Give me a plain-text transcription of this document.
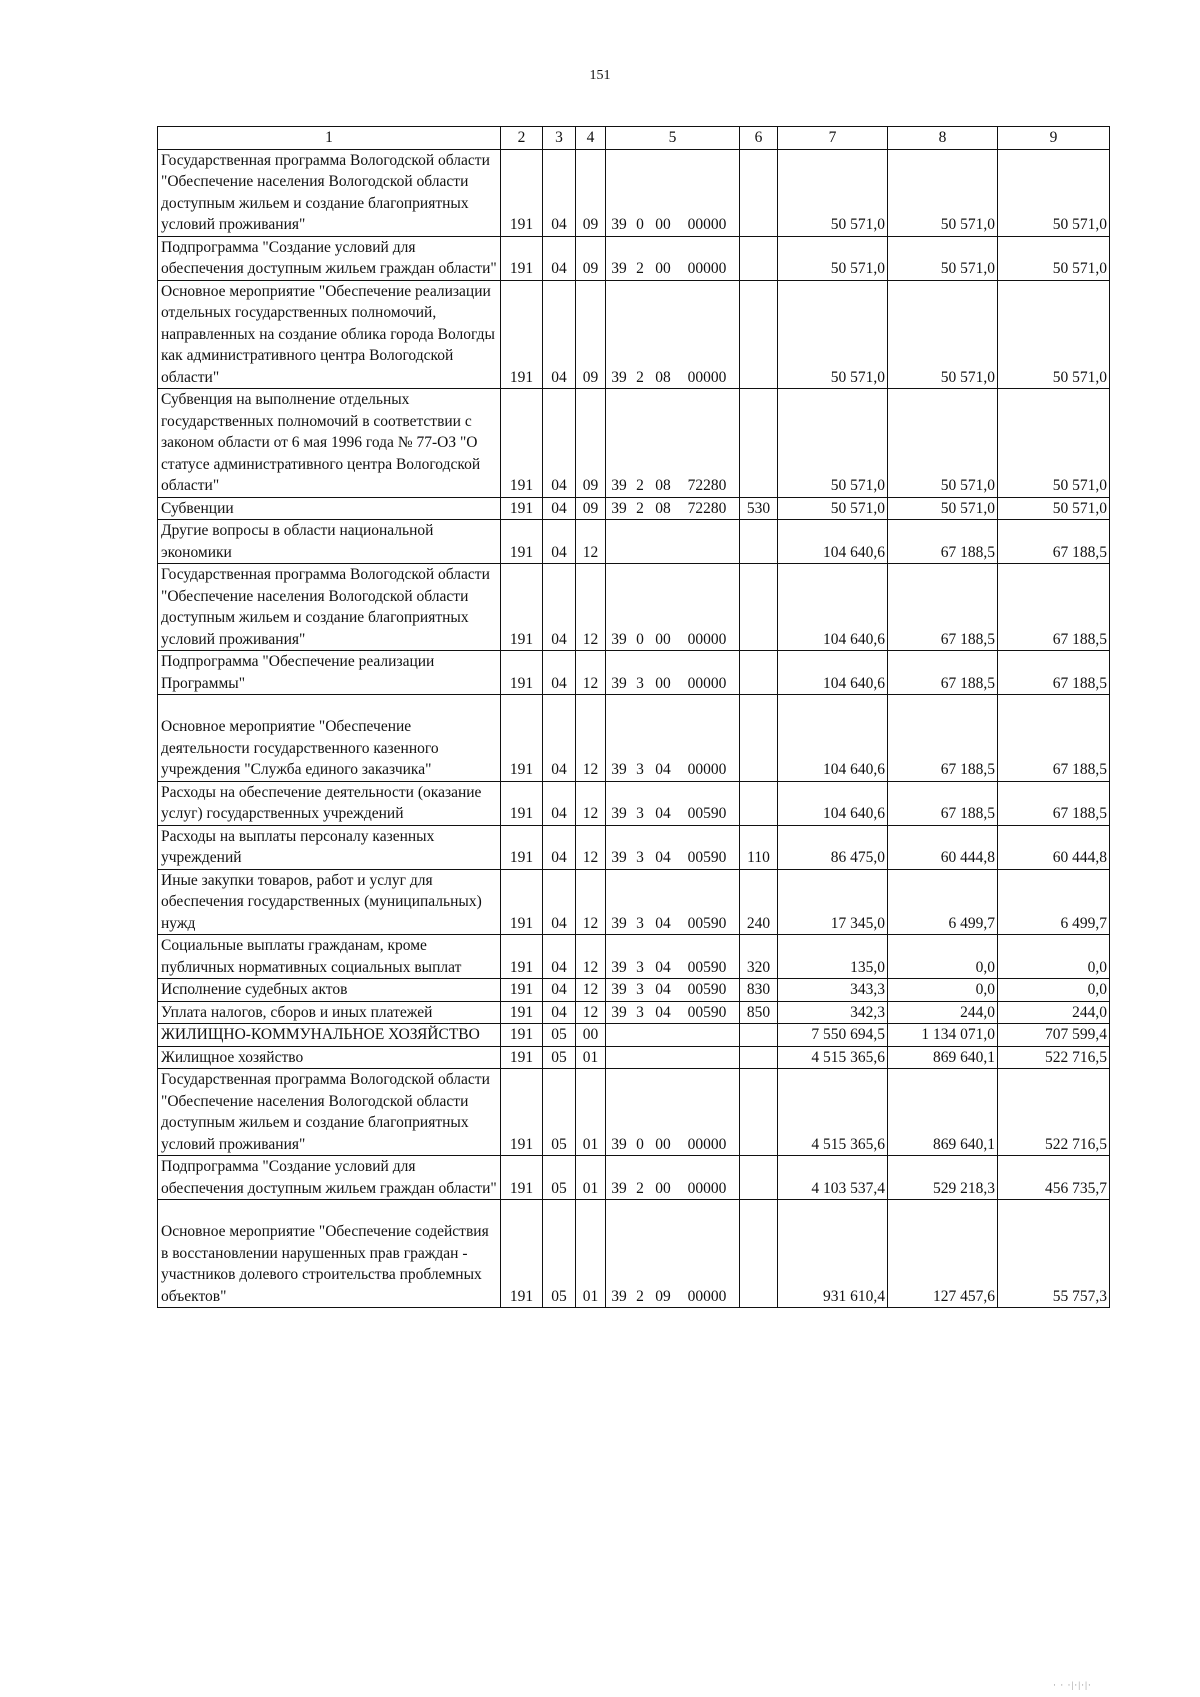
151
1	2	3	4	5	6	7	8	9
Государственная программа Вологодской области "Обеспечение населения Вологодской области доступным жильем и создание благоприятных условий проживания"	191	04	09	39 0 00 00000		50 571,0	50 571,0	50 571,0
Подпрограмма "Создание условий для обеспечения доступным жильем граждан области"	191	04	09	39 2 00 00000		50 571,0	50 571,0	50 571,0
Основное мероприятие "Обеспечение реализации отдельных государственных полномочий, направленных на создание облика города Вологды как административного центра Вологодской области"	191	04	09	39 2 08 00000		50 571,0	50 571,0	50 571,0
Субвенция на выполнение отдельных государственных полномочий в соответствии с законом области от 6 мая 1996 года № 77-ОЗ "О статусе административного центра Вологодской области"	191	04	09	39 2 08 72280		50 571,0	50 571,0	50 571,0
Субвенции	191	04	09	39 2 08 72280	530	50 571,0	50 571,0	50 571,0
Другие вопросы в области национальной экономики	191	04	12			104 640,6	67 188,5	67 188,5
Государственная программа Вологодской области "Обеспечение населения Вологодской области доступным жильем и создание благоприятных условий проживания"	191	04	12	39 0 00 00000		104 640,6	67 188,5	67 188,5
Подпрограмма "Обеспечение реализации Программы"	191	04	12	39 3 00 00000		104 640,6	67 188,5	67 188,5
Основное мероприятие "Обеспечение деятельности государственного казенного учреждения "Служба единого заказчика"	191	04	12	39 3 04 00000		104 640,6	67 188,5	67 188,5
Расходы на обеспечение деятельности (оказание услуг) государственных учреждений	191	04	12	39 3 04 00590		104 640,6	67 188,5	67 188,5
Расходы на выплаты персоналу казенных учреждений	191	04	12	39 3 04 00590	110	86 475,0	60 444,8	60 444,8
Иные закупки товаров, работ и услуг для обеспечения государственных (муниципальных) нужд	191	04	12	39 3 04 00590	240	17 345,0	6 499,7	6 499,7
Социальные выплаты гражданам, кроме публичных нормативных социальных выплат	191	04	12	39 3 04 00590	320	135,0	0,0	0,0
Исполнение судебных актов	191	04	12	39 3 04 00590	830	343,3	0,0	0,0
Уплата налогов, сборов и иных платежей	191	04	12	39 3 04 00590	850	342,3	244,0	244,0
ЖИЛИЩНО-КОММУНАЛЬНОЕ ХОЗЯЙСТВО	191	05	00			7 550 694,5	1 134 071,0	707 599,4
Жилищное хозяйство	191	05	01			4 515 365,6	869 640,1	522 716,5
Государственная программа Вологодской области "Обеспечение населения Вологодской области доступным жильем и создание благоприятных условий проживания"	191	05	01	39 0 00 00000		4 515 365,6	869 640,1	522 716,5
Подпрограмма "Создание условий для обеспечения доступным жильем граждан области"	191	05	01	39 2 00 00000		4 103 537,4	529 218,3	456 735,7
Основное мероприятие "Обеспечение содействия в восстановлении нарушенных прав граждан - участников долевого строительства проблемных объектов"	191	05	01	39 2 09 00000		931 610,4	127 457,6	55 757,3
· · ·|·|·|·
